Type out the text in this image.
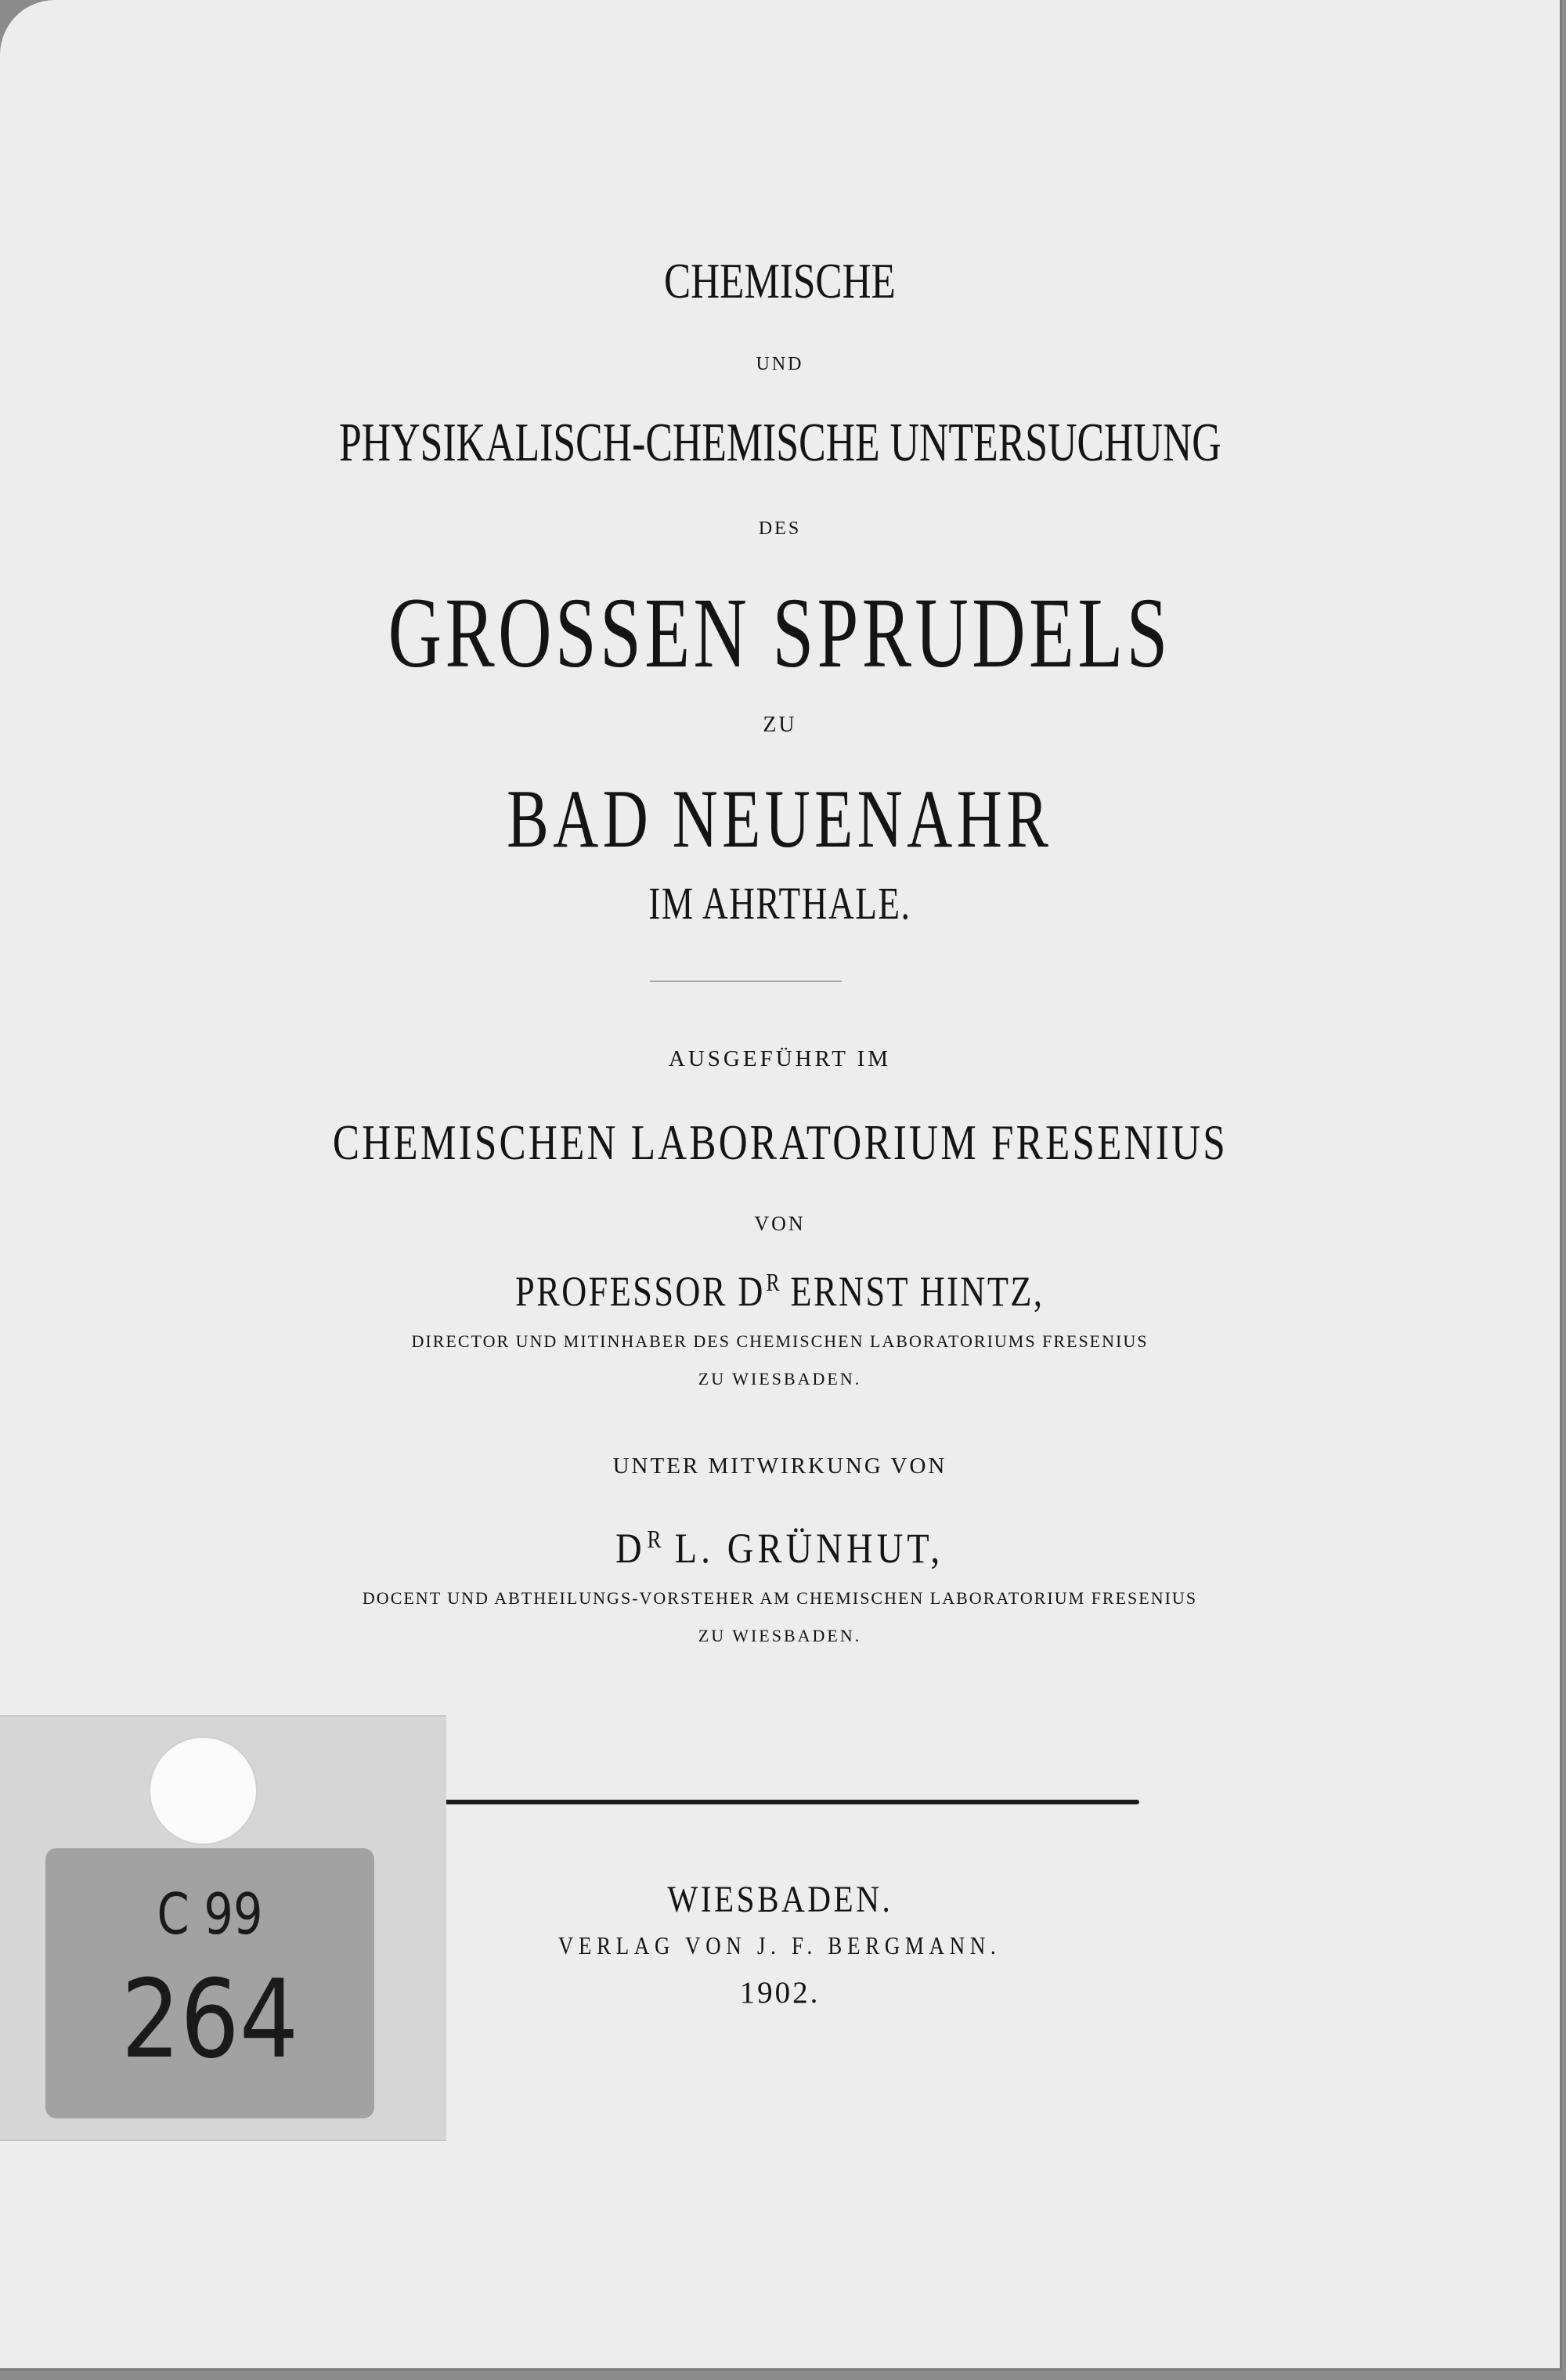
CHEMISCHE

UND

PHYSIKALISCH-CHEMISCHE UNTERSUCHUNG

DES

GROSSEN SPRUDELS

ZU

BAD NEUENAHR

IM AHRTHALE.

AUSGEFÜHRT IM

CHEMISCHEN LABORATORIUM FRESENIUS

VON

PROFESSOR DR ERNST HINTZ,

DIRECTOR UND MITINHABER DES CHEMISCHEN LABORATORIUMS FRESENIUS

ZU WIESBADEN.

UNTER MITWIRKUNG VON

DR L. GRÜNHUT,

DOCENT UND ABTHEILUNGS-VORSTEHER AM CHEMISCHEN LABORATORIUM FRESENIUS

ZU WIESBADEN.

WIESBADEN.

VERLAG VON J. F. BERGMANN.

1902.

C 99
264
